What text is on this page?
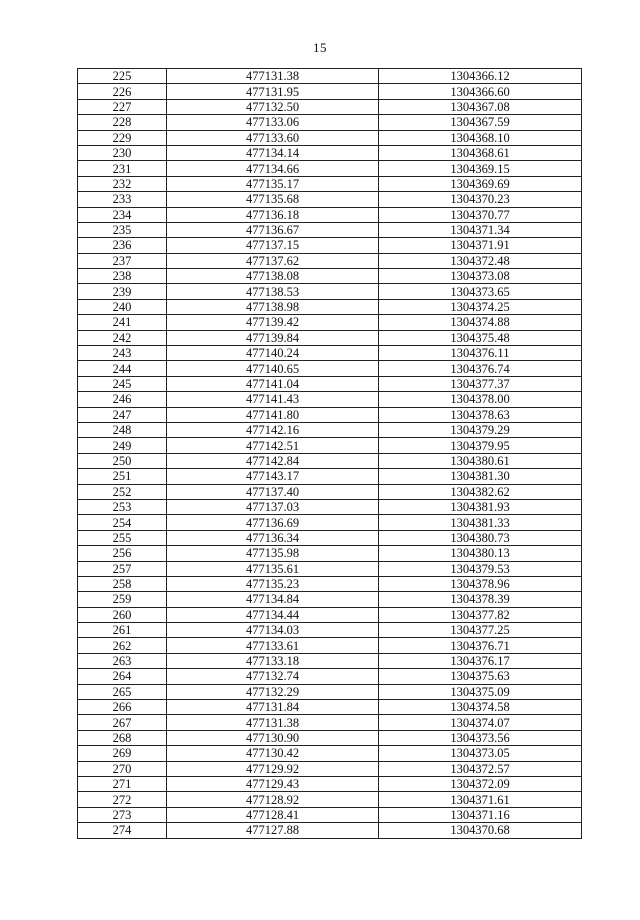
15
225	477131.38	1304366.12
226	477131.95	1304366.60
227	477132.50	1304367.08
228	477133.06	1304367.59
229	477133.60	1304368.10
230	477134.14	1304368.61
231	477134.66	1304369.15
232	477135.17	1304369.69
233	477135.68	1304370.23
234	477136.18	1304370.77
235	477136.67	1304371.34
236	477137.15	1304371.91
237	477137.62	1304372.48
238	477138.08	1304373.08
239	477138.53	1304373.65
240	477138.98	1304374.25
241	477139.42	1304374.88
242	477139.84	1304375.48
243	477140.24	1304376.11
244	477140.65	1304376.74
245	477141.04	1304377.37
246	477141.43	1304378.00
247	477141.80	1304378.63
248	477142.16	1304379.29
249	477142.51	1304379.95
250	477142.84	1304380.61
251	477143.17	1304381.30
252	477137.40	1304382.62
253	477137.03	1304381.93
254	477136.69	1304381.33
255	477136.34	1304380.73
256	477135.98	1304380.13
257	477135.61	1304379.53
258	477135.23	1304378.96
259	477134.84	1304378.39
260	477134.44	1304377.82
261	477134.03	1304377.25
262	477133.61	1304376.71
263	477133.18	1304376.17
264	477132.74	1304375.63
265	477132.29	1304375.09
266	477131.84	1304374.58
267	477131.38	1304374.07
268	477130.90	1304373.56
269	477130.42	1304373.05
270	477129.92	1304372.57
271	477129.43	1304372.09
272	477128.92	1304371.61
273	477128.41	1304371.16
274	477127.88	1304370.68
